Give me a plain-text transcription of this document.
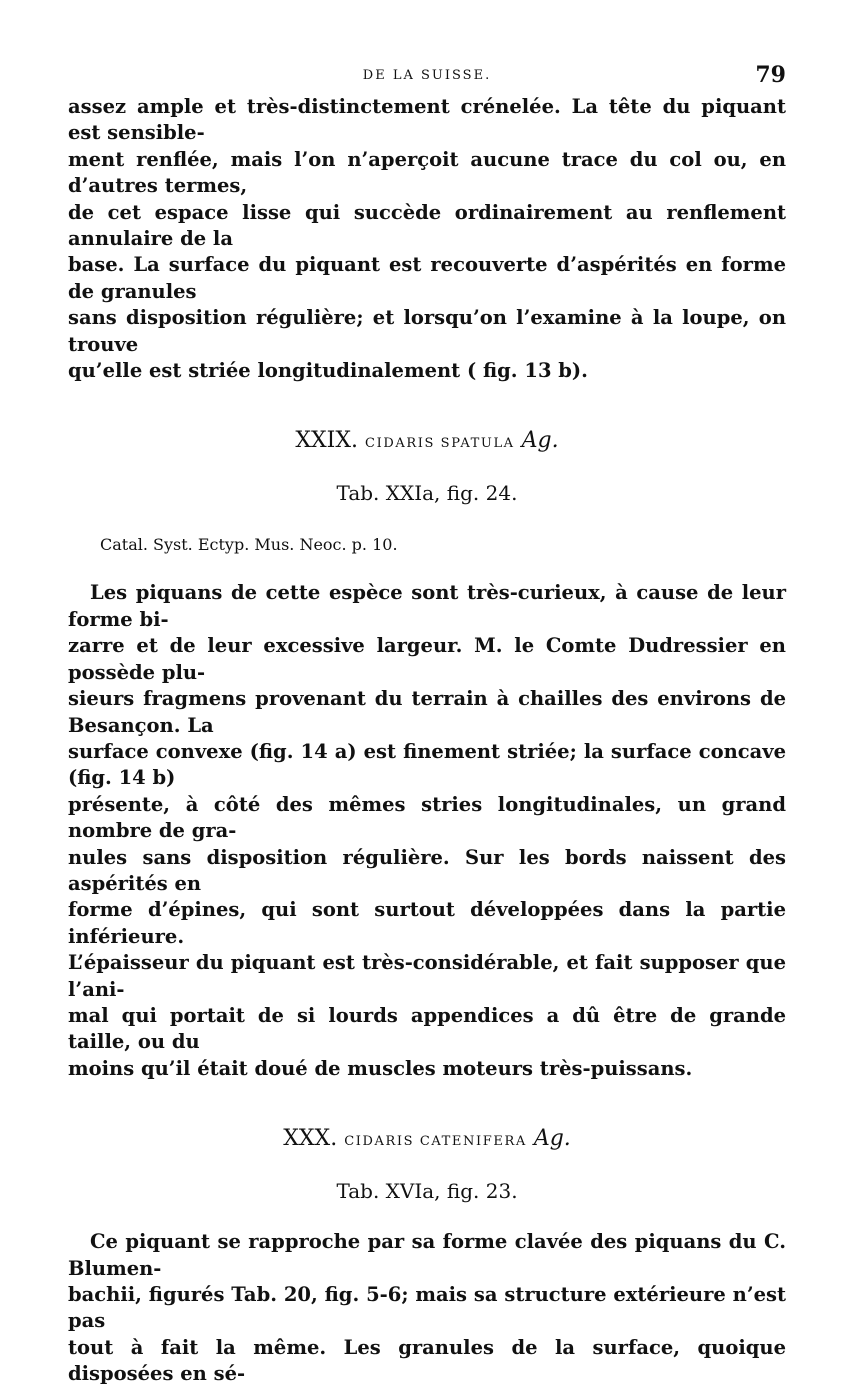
DE LA SUISSE.	79

assez ample et très-distinctement crénelée. La tête du piquant est sensible-

ment renflée, mais l’on n’aperçoit aucune trace du col ou, en d’autres termes,

de cet espace lisse qui succède ordinairement au renflement annulaire de la

base. La surface du piquant est recouverte d’aspérités en forme de granules

sans disposition régulière; et lorsqu’on l’examine à la loupe, on trouve

qu’elle est striée longitudinalement ( fig. 13 b).

XXIX. CIDARIS SPATULA Ag.
Tab. XXIa, fig. 24.
Catal. Syst. Ectyp. Mus. Neoc. p. 10.

Les piquans de cette espèce sont très-curieux, à cause de leur forme bi-

zarre et de leur excessive largeur. M. le Comte Dudressier en possède plu-

sieurs fragmens provenant du terrain à chailles des environs de Besançon. La

surface convexe (fig. 14 a) est finement striée; la surface concave (fig. 14 b)

présente, à côté des mêmes stries longitudinales, un grand nombre de gra-

nules sans disposition régulière. Sur les bords naissent des aspérités en

forme d’épines, qui sont surtout développées dans la partie inférieure.

L’épaisseur du piquant est très-considérable, et fait supposer que l’ani-

mal qui portait de si lourds appendices a dû être de grande taille, ou du

moins qu’il était doué de muscles moteurs très-puissans.

XXX. CIDARIS CATENIFERA Ag.
Tab. XVIa, fig. 23.

Ce piquant se rapproche par sa forme clavée des piquans du C. Blumen-

bachii, figurés Tab. 20, fig. 5-6; mais sa structure extérieure n’est pas

tout à fait la même. Les granules de la surface, quoique disposées en sé-
